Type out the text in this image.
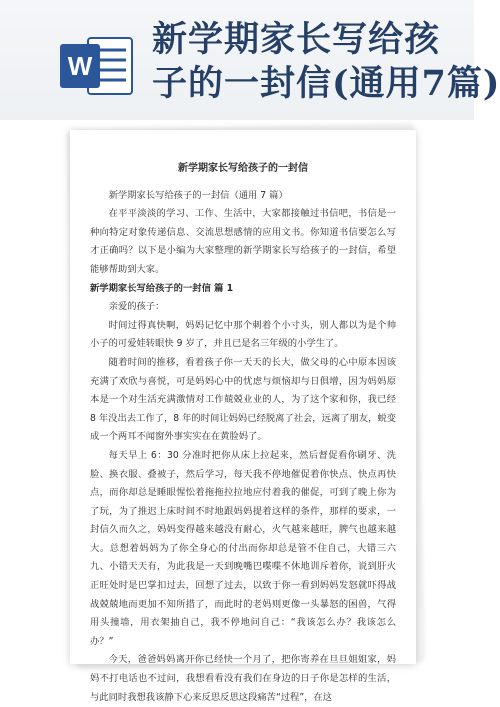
W
新学期家长写给孩
子的一封信(通用7篇)
新学期家长写给孩子的一封信
新学期家长写给孩子的一封信（通用 7 篇）

在平平淡淡的学习、工作、生活中，大家都接触过书信吧，书信是一种向特定对象传递信息、交流思想感情的应用文书。你知道书信要怎么写才正确吗？以下是小编为大家整理的新学期家长写给孩子的一封信，希望能够帮助到大家。

新学期家长写给孩子的一封信 篇 1

亲爱的孩子：

时间过得真快啊，妈妈记忆中那个刺着个小寸头，别人都以为是个帅小子的可爱娃转眼快 9 岁了，并且已是名三年级的小学生了。

随着时间的推移，看着孩子你一天天的长大，做父母的心中原本因该充满了欢欣与喜悦，可是妈妈心中的忧虑与烦恼却与日俱增，因为妈妈原本是一个对生活充满激情对工作兢兢业业的人，为了这个家和你，我已经 8 年没出去工作了，8 年的时间让妈妈已经脱离了社会，远离了朋友，蜕变成一个两耳不闻窗外事实实在在黄脸妈了。

每天早上 6：30 分准时把你从床上拉起来，然后督促看你刷牙、洗脸、换衣服、叠被子，然后学习，每天我不停地催促着你快点、快点再快点，而你却总是睡眼惺忪着拖拖拉拉地应付着我的催促，可到了晚上你为了玩，为了推迟上床时间不时地跟妈妈提着这样的条件，那样的要求，一封信久而久之，妈妈变得越来越没有耐心，火气越来越旺，脾气也越来越大。总想着妈妈为了你全身心的付出而你却总是管不住自己，大错三六九、小错天天有，为此我是一天到晚嘴巴喋喋不休地训斥着你，说到肝火正旺处时是巴掌扣过去，回想了过去，以致于你一看到妈妈发怒就吓得战战兢兢地而更加不知所措了，而此时的老妈则更像一头暴怒的困兽，气得用头撞墙，用衣架抽自己，我不停地问自己：“我该怎么办？我该怎么办？”

今天，爸爸妈妈离开你已经快一个月了，把你寄养在旦旦姐姐家，妈妈不打电话也不过问，我想看看没有我们在身边的日子你是怎样的生活，与此同时我想我该静下心来反思反思这段痛苦“过程”，在这
